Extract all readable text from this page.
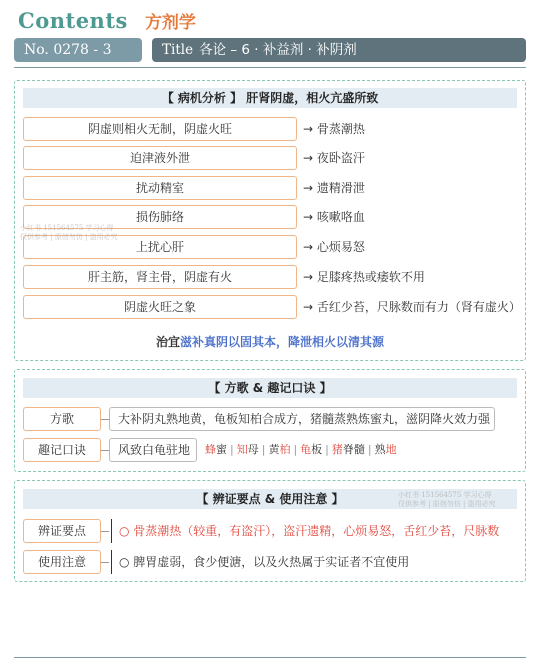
Contents 方剂学
No. 0278 - 3	Title 各论 – 6 · 补益剂 · 补阴剂
【 病机分析 】 肝肾阴虚，相火亢盛所致
阴虚则相火无制，阴虚火旺	→ 骨蒸潮热
迫津液外泄	→ 夜卧盗汗
扰动精室	→ 遗精滑泄
损伤肺络	→ 咳嗽咯血
上扰心肝	→ 心烦易怒
肝主筋，肾主骨，阴虚有火	→ 足膝疼热或痿软不用
阴虚火旺之象	→ 舌红少苔，尺脉数而有力（肾有虚火）
治宜滋补真阴以固其本，降泄相火以清其源
小红书 151564575 学习心得
仅供参考 | 原创勿仿 | 盗用必究
【 方歌 & 趣记口诀 】
方歌	大补阴丸熟地黄，龟板知柏合成方，猪髓蒸熟炼蜜丸，滋阴降火效力强
趣记口诀	风致白龟驻地	蜂蜜 | 知母 | 黄柏 | 龟板 | 猪脊髓 | 熟地
【 辨证要点 & 使用注意 】
辨证要点	○ 骨蒸潮热（较重，有盗汗），盗汗遗精，心烦易怒，舌红少苔，尺脉数
使用注意	○ 脾胃虚弱，食少便溏，以及火热属于实证者不宜使用
小红书 151564575 学习心得
仅供参考 | 原创勿仿 | 盗用必究
